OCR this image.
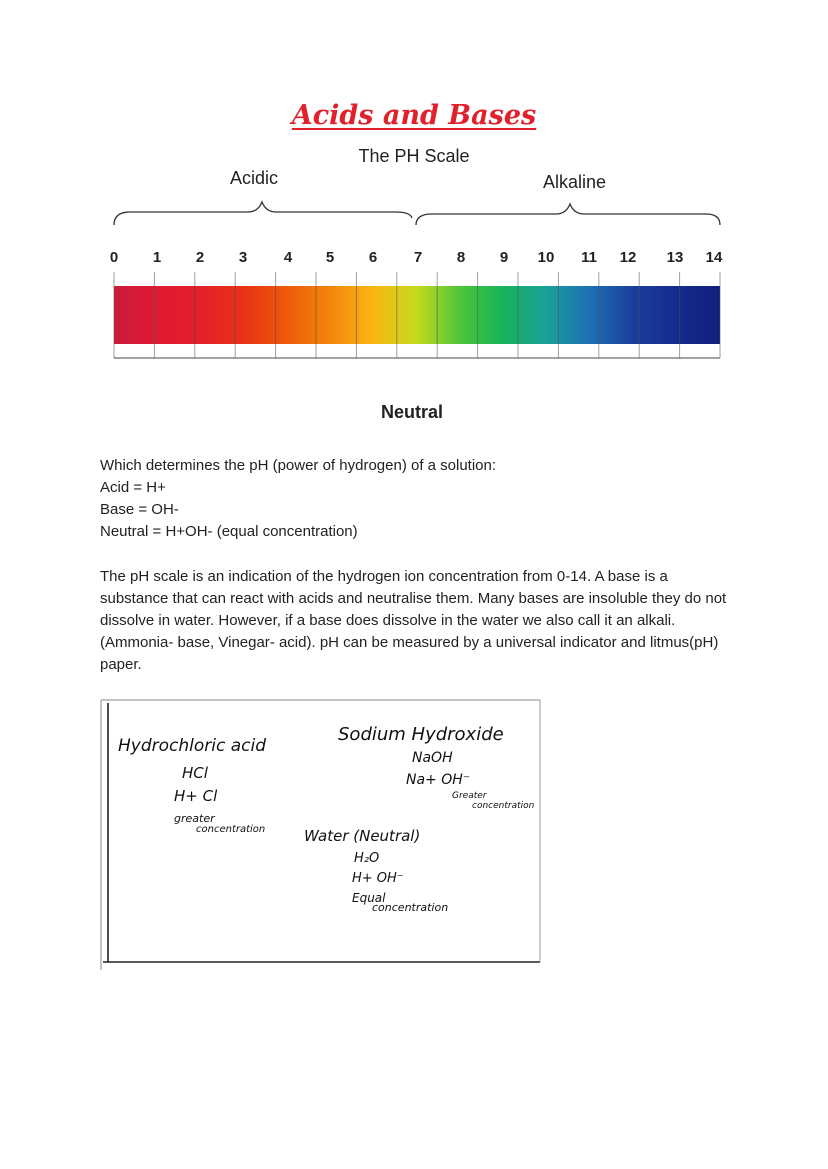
Acids and Bases
The PH Scale
Acidic	Alkaline
0 1 2 3 4 5 6 7 8 9 10 11 12 13 14
Neutral
Which determines the pH (power of hydrogen) of a solution:
Acid = H+
Base = OH-
Neutral = H+OH- (equal concentration)
The pH scale is an indication of the hydrogen ion concentration from 0-14. A base is a substance that can react with acids and neutralise them. Many bases are insoluble they do not dissolve in water. However, if a base does dissolve in the water we also call it an alkali. (Ammonia- base, Vinegar- acid). pH can be measured by a universal indicator and litmus(pH) paper.
Hydrochloric acid
HCl
H+ Cl
greater
concentration
Sodium Hydroxide
NaOH
Na+ OH⁻
Greater
concentration
Water (Neutral)
H₂O
H+ OH⁻
Equal
concentration
